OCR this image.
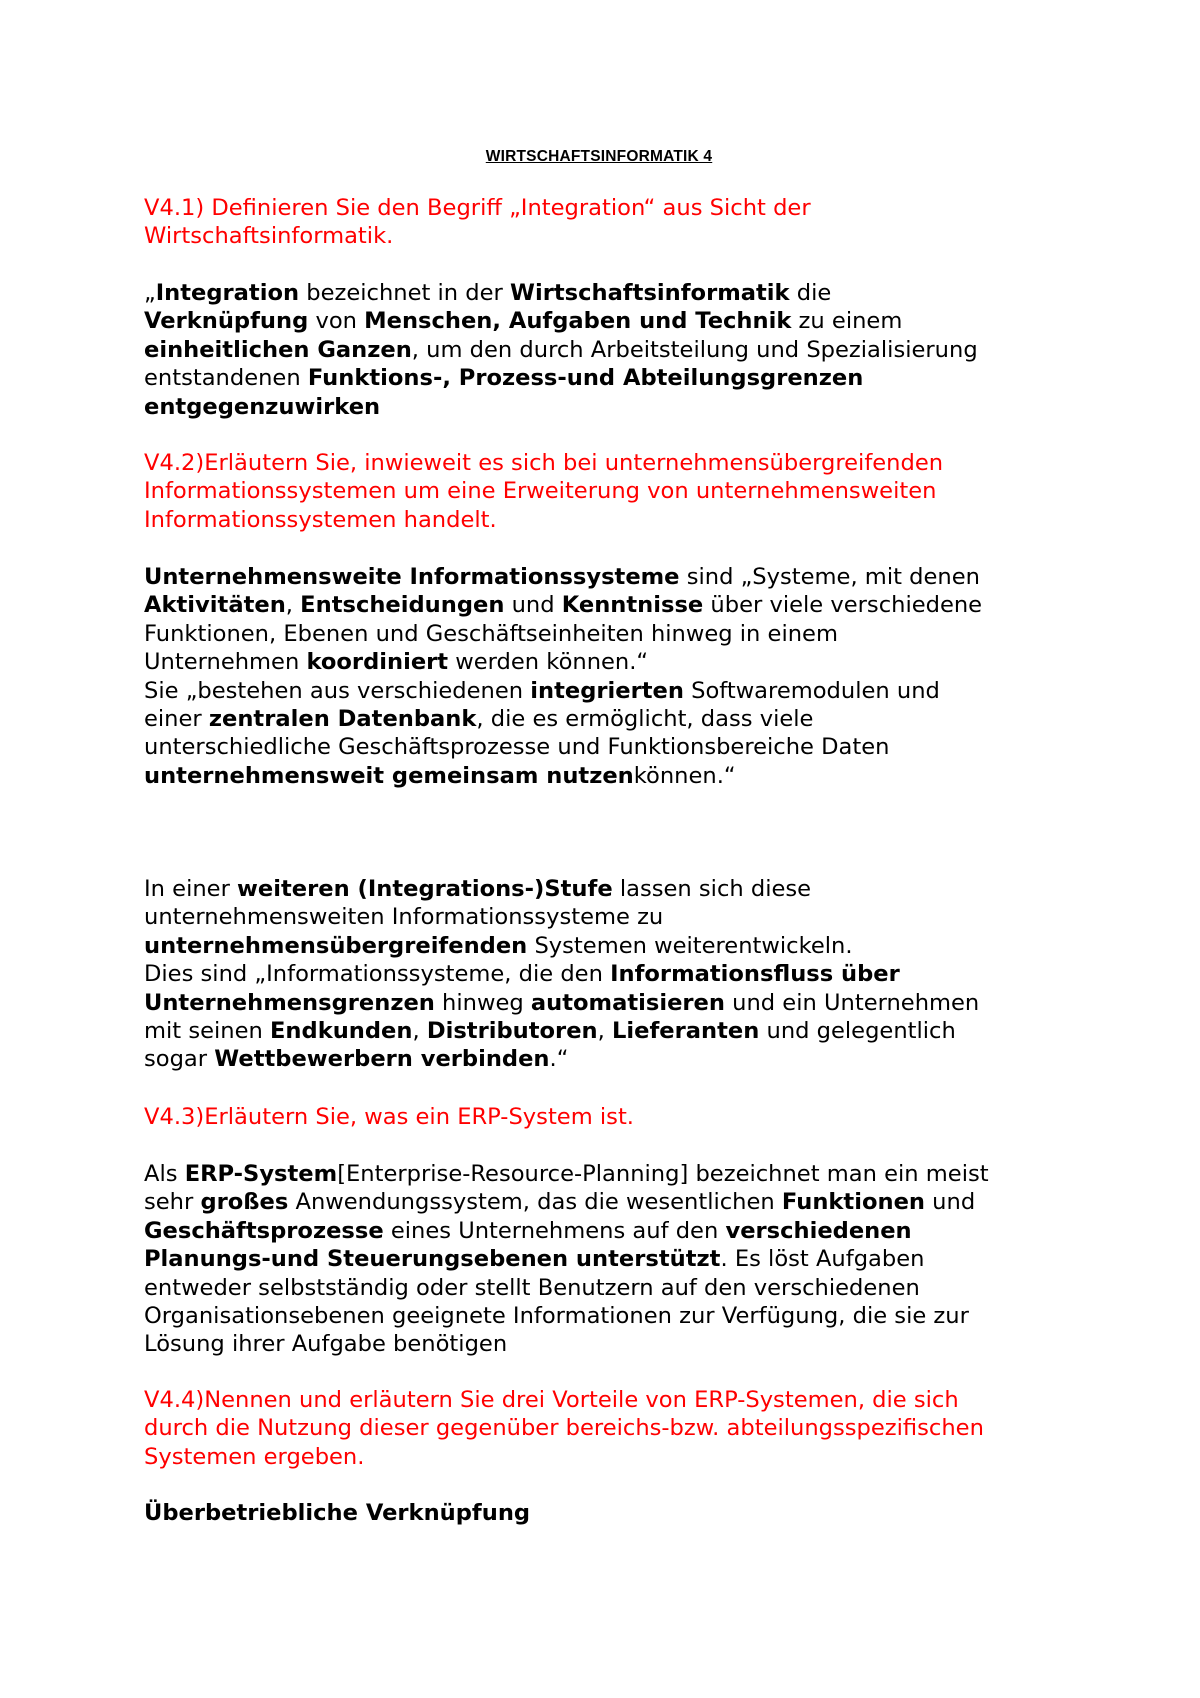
WIRTSCHAFTSINFORMATIK 4
V4.1) Definieren Sie den Begriff „Integration“ aus Sicht der
Wirtschaftsinformatik.
„Integration bezeichnet in der Wirtschaftsinformatik die
Verknüpfung von Menschen, Aufgaben und Technik zu einem
einheitlichen Ganzen, um den durch Arbeitsteilung und Spezialisierung
entstandenen Funktions-, Prozess-und Abteilungsgrenzen
entgegenzuwirken
V4.2)Erläutern Sie, inwieweit es sich bei unternehmensübergreifenden
Informationssystemen um eine Erweiterung von unternehmensweiten
Informationssystemen handelt.
Unternehmensweite Informationssysteme sind „Systeme, mit denen
Aktivitäten, Entscheidungen und Kenntnisse über viele verschiedene
Funktionen, Ebenen und Geschäftseinheiten hinweg in einem
Unternehmen koordiniert werden können.“
Sie „bestehen aus verschiedenen integrierten Softwaremodulen und
einer zentralen Datenbank, die es ermöglicht, dass viele
unterschiedliche Geschäftsprozesse und Funktionsbereiche Daten
unternehmensweit gemeinsam nutzenkönnen.“
In einer weiteren (Integrations-)Stufe lassen sich diese
unternehmensweiten Informationssysteme zu
unternehmensübergreifenden Systemen weiterentwickeln.
Dies sind „Informationssysteme, die den Informationsfluss über
Unternehmensgrenzen hinweg automatisieren und ein Unternehmen
mit seinen Endkunden, Distributoren, Lieferanten und gelegentlich
sogar Wettbewerbern verbinden.“
V4.3)Erläutern Sie, was ein ERP-System ist.
Als ERP-System[Enterprise-Resource-Planning] bezeichnet man ein meist
sehr großes Anwendungssystem, das die wesentlichen Funktionen und
Geschäftsprozesse eines Unternehmens auf den verschiedenen
Planungs-und Steuerungsebenen unterstützt. Es löst Aufgaben
entweder selbstständig oder stellt Benutzern auf den verschiedenen
Organisationsebenen geeignete Informationen zur Verfügung, die sie zur
Lösung ihrer Aufgabe benötigen
V4.4)Nennen und erläutern Sie drei Vorteile von ERP-Systemen, die sich
durch die Nutzung dieser gegenüber bereichs-bzw. abteilungsspezifischen
Systemen ergeben.
Überbetriebliche Verknüpfung
